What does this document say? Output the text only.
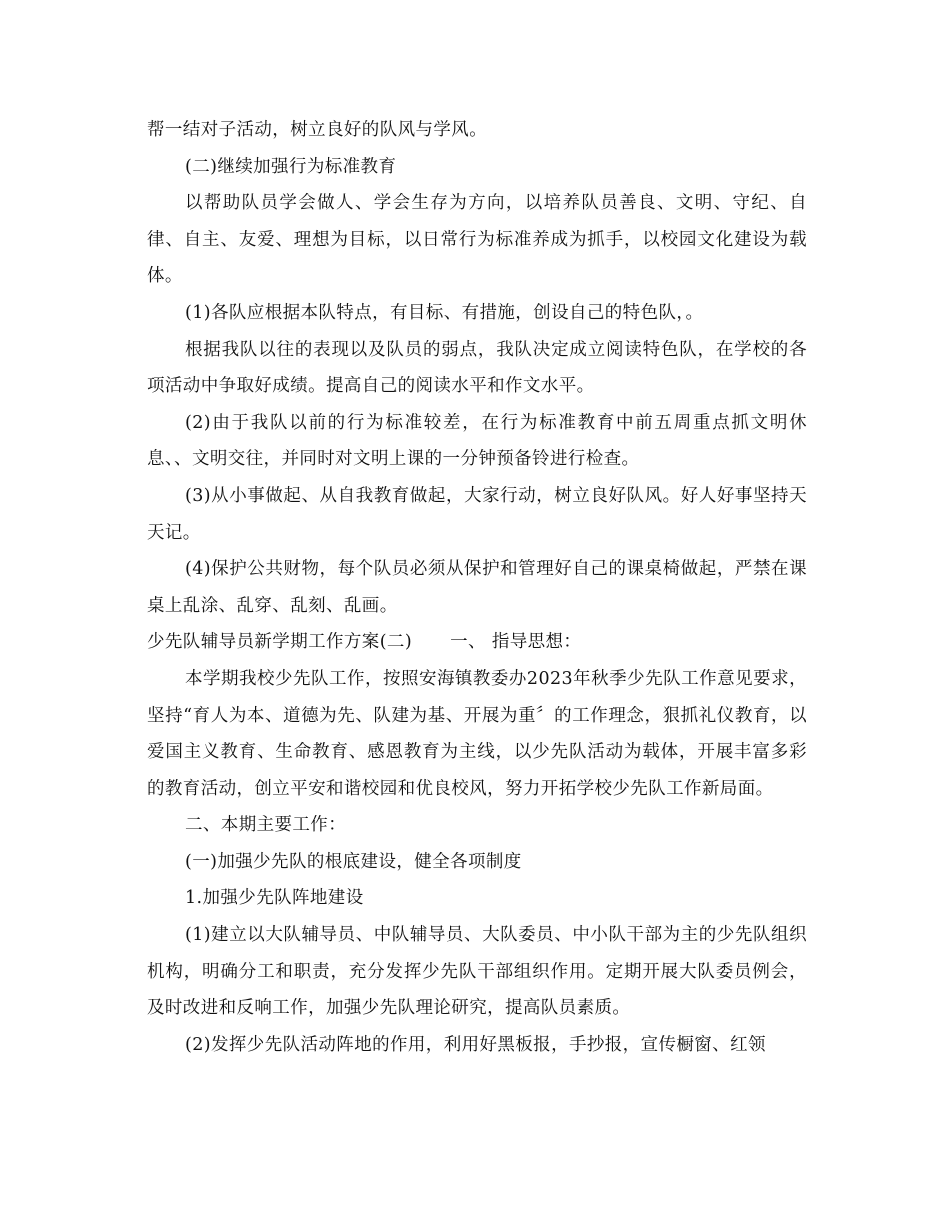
帮一结对子活动，树立良好的队风与学风。

(二)继续加强行为标准教育

以帮助队员学会做人、学会生存为方向，以培养队员善良、文明、守纪、自律、自主、友爱、理想为目标，以日常行为标准养成为抓手，以校园文化建设为载体。

(1)各队应根据本队特点，有目标、有措施，创设自己的特色队，。

根据我队以往的表现以及队员的弱点，我队决定成立阅读特色队，在学校的各项活动中争取好成绩。提高自己的阅读水平和作文水平。

(2)由于我队以前的行为标准较差，在行为标准教育中前五周重点抓文明休息、、文明交往，并同时对文明上课的一分钟预备铃进行检查。

(3)从小事做起、从自我教育做起，大家行动，树立良好队风。好人好事坚持天天记。

(4)保护公共财物，每个队员必须从保护和管理好自己的课桌椅做起，严禁在课桌上乱涂、乱穿、乱刻、乱画。

少先队辅导员新学期工作方案(二) 一、 指导思想：

本学期我校少先队工作，按照安海镇教委办2023年秋季少先队工作意见要求，坚持“育人为本、道德为先、队建为基、开展为重〞的工作理念，狠抓礼仪教育，以爱国主义教育、生命教育、感恩教育为主线，以少先队活动为载体，开展丰富多彩的教育活动，创立平安和谐校园和优良校风，努力开拓学校少先队工作新局面。

二、本期主要工作：

(一)加强少先队的根底建设，健全各项制度

1.加强少先队阵地建设

(1)建立以大队辅导员、中队辅导员、大队委员、中小队干部为主的少先队组织机构，明确分工和职责，充分发挥少先队干部组织作用。定期开展大队委员例会，及时改进和反响工作，加强少先队理论研究，提高队员素质。

(2)发挥少先队活动阵地的作用，利用好黑板报，手抄报，宣传橱窗、红领
